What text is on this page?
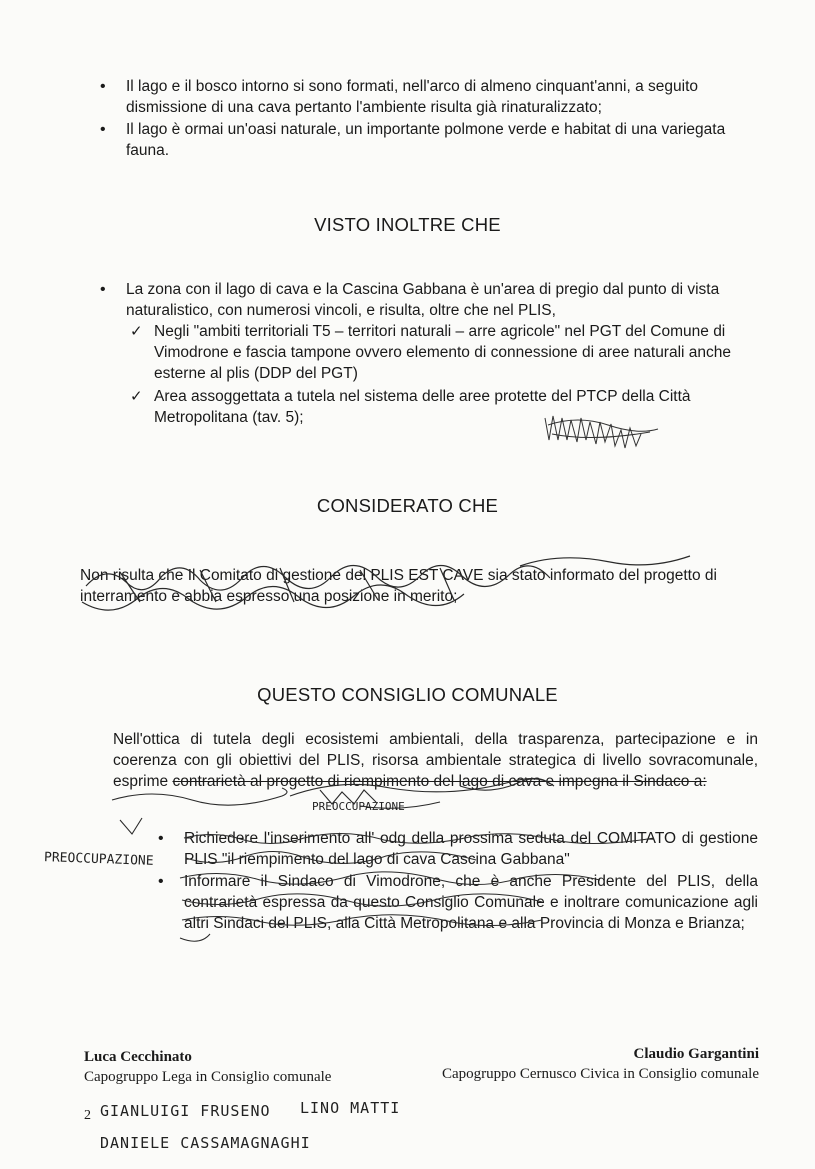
• Il lago e il bosco intorno si sono formati, nell'arco di almeno cinquant'anni, a seguito dismissione di una cava pertanto l'ambiente risulta già rinaturalizzato;
• Il lago è ormai un'oasi naturale, un importante polmone verde e habitat di una variegata fauna.
VISTO INOLTRE CHE
• La zona con il lago di cava e la Cascina Gabbana è un'area di pregio dal punto di vista naturalistico, con numerosi vincoli, e risulta, oltre che nel PLIS,
✓ Negli "ambiti territoriali T5 – territori naturali – arre agricole" nel PGT del Comune di Vimodrone e fascia tampone ovvero elemento di connessione di aree naturali anche esterne al plis (DDP del PGT)
✓ Area assoggettata a tutela nel sistema delle aree protette del PTCP della Città Metropolitana (tav. 5);
CONSIDERATO CHE
Non risulta che Il Comitato di gestione del PLIS EST CAVE sia stato informato del progetto di interramento e abbia espresso una posizione in merito;
QUESTO CONSIGLIO COMUNALE
Nell'ottica di tutela degli ecosistemi ambientali, della trasparenza, partecipazione e in coerenza con gli obiettivi del PLIS, risorsa ambientale strategica di livello sovracomunale, esprime contrarietà al progetto di riempimento del lago di cava e impegna il Sindaco a:
PREOCCUPAZIONE
• Richiedere l'inserimento all' odg della prossima seduta del COMITATO di gestione PLIS "il riempimento del lago di cava Cascina Gabbana"
• Informare il Sindaco di Vimodrone, che è anche Presidente del PLIS, della contrarietà espressa da questo Consiglio Comunale e inoltrare comunicazione agli altri Sindaci del PLIS, alla Città Metropolitana e alla Provincia di Monza e Brianza;
PREOCCUPAZIONE
Luca Cecchinato
Capogruppo Lega in Consiglio comunale
Claudio Gargantini
Capogruppo Cernusco Civica in Consiglio comunale
2 GIANLUIGI FRUSENO LINO MATTI
DANIELE CASSAMAGNAGHI
